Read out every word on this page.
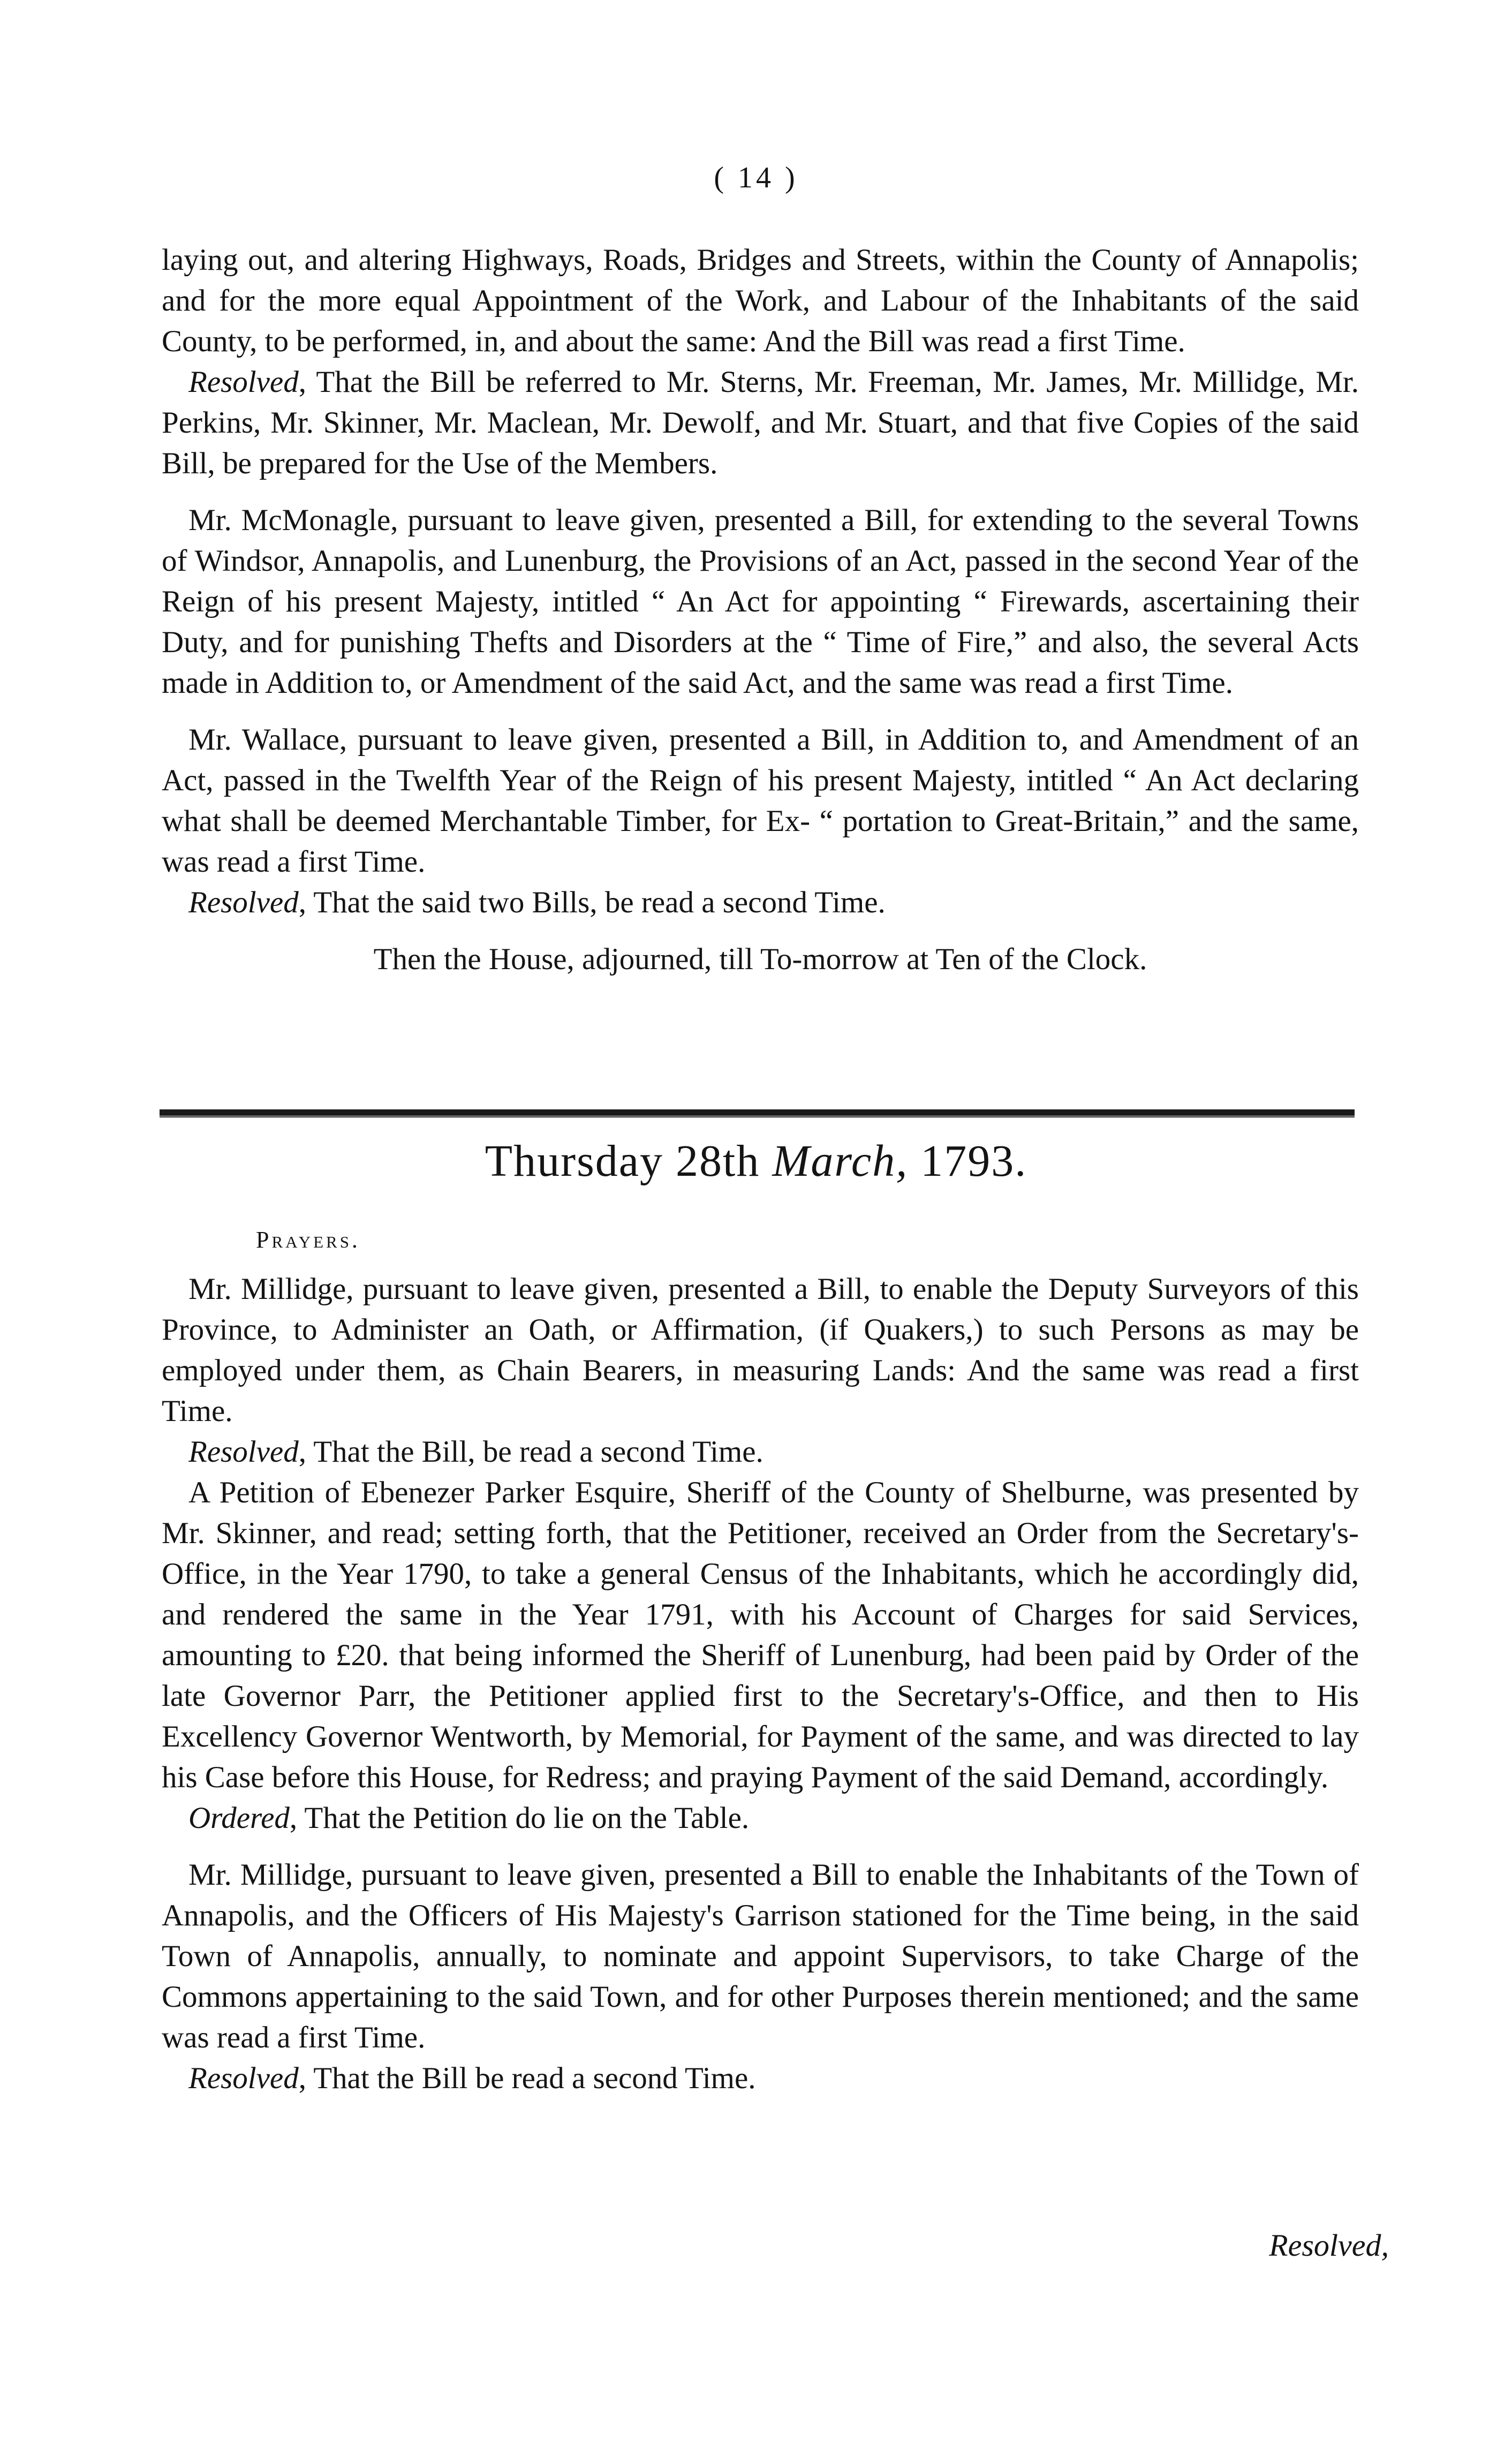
( 14 )

laying out, and altering Highways, Roads, Bridges and Streets, within the County of Annapolis; and for the more equal Appointment of the Work, and Labour of the Inhabitants of the said County, to be performed, in, and about the same: And the Bill was read a first Time.

Resolved, That the Bill be referred to Mr. Sterns, Mr. Freeman, Mr. James, Mr. Millidge, Mr. Perkins, Mr. Skinner, Mr. Maclean, Mr. Dewolf, and Mr. Stuart, and that five Copies of the said Bill, be prepared for the Use of the Members.

Mr. McMonagle, pursuant to leave given, presented a Bill, for extending to the several Towns of Windsor, Annapolis, and Lunenburg, the Provisions of an Act, passed in the second Year of the Reign of his present Majesty, intitled “ An Act for appointing “ Firewards, ascertaining their Duty, and for punishing Thefts and Disorders at the “ Time of Fire,” and also, the several Acts made in Addition to, or Amendment of the said Act, and the same was read a first Time.

Mr. Wallace, pursuant to leave given, presented a Bill, in Addition to, and Amendment of an Act, passed in the Twelfth Year of the Reign of his present Majesty, intitled “ An Act declaring what shall be deemed Merchantable Timber, for Ex- “ portation to Great-Britain,” and the same, was read a first Time.

Resolved, That the said two Bills, be read a second Time.

Then the House, adjourned, till To-morrow at Ten of the Clock.

Thursday 28th March, 1793.
Prayers.

Mr. Millidge, pursuant to leave given, presented a Bill, to enable the Deputy Surveyors of this Province, to Administer an Oath, or Affirmation, (if Quakers,) to such Persons as may be employed under them, as Chain Bearers, in measuring Lands: And the same was read a first Time.

Resolved, That the Bill, be read a second Time.

A Petition of Ebenezer Parker Esquire, Sheriff of the County of Shelburne, was presented by Mr. Skinner, and read; setting forth, that the Petitioner, received an Order from the Secretary's-Office, in the Year 1790, to take a general Census of the Inhabitants, which he accordingly did, and rendered the same in the Year 1791, with his Account of Charges for said Services, amounting to £20. that being informed the Sheriff of Lunenburg, had been paid by Order of the late Governor Parr, the Petitioner applied first to the Secretary's-Office, and then to His Excellency Governor Wentworth, by Memorial, for Payment of the same, and was directed to lay his Case before this House, for Redress; and praying Payment of the said Demand, accordingly.

Ordered, That the Petition do lie on the Table.

Mr. Millidge, pursuant to leave given, presented a Bill to enable the Inhabitants of the Town of Annapolis, and the Officers of His Majesty's Garrison stationed for the Time being, in the said Town of Annapolis, annually, to nominate and appoint Supervisors, to take Charge of the Commons appertaining to the said Town, and for other Purposes therein mentioned; and the same was read a first Time.

Resolved, That the Bill be read a second Time.

Resolved,
